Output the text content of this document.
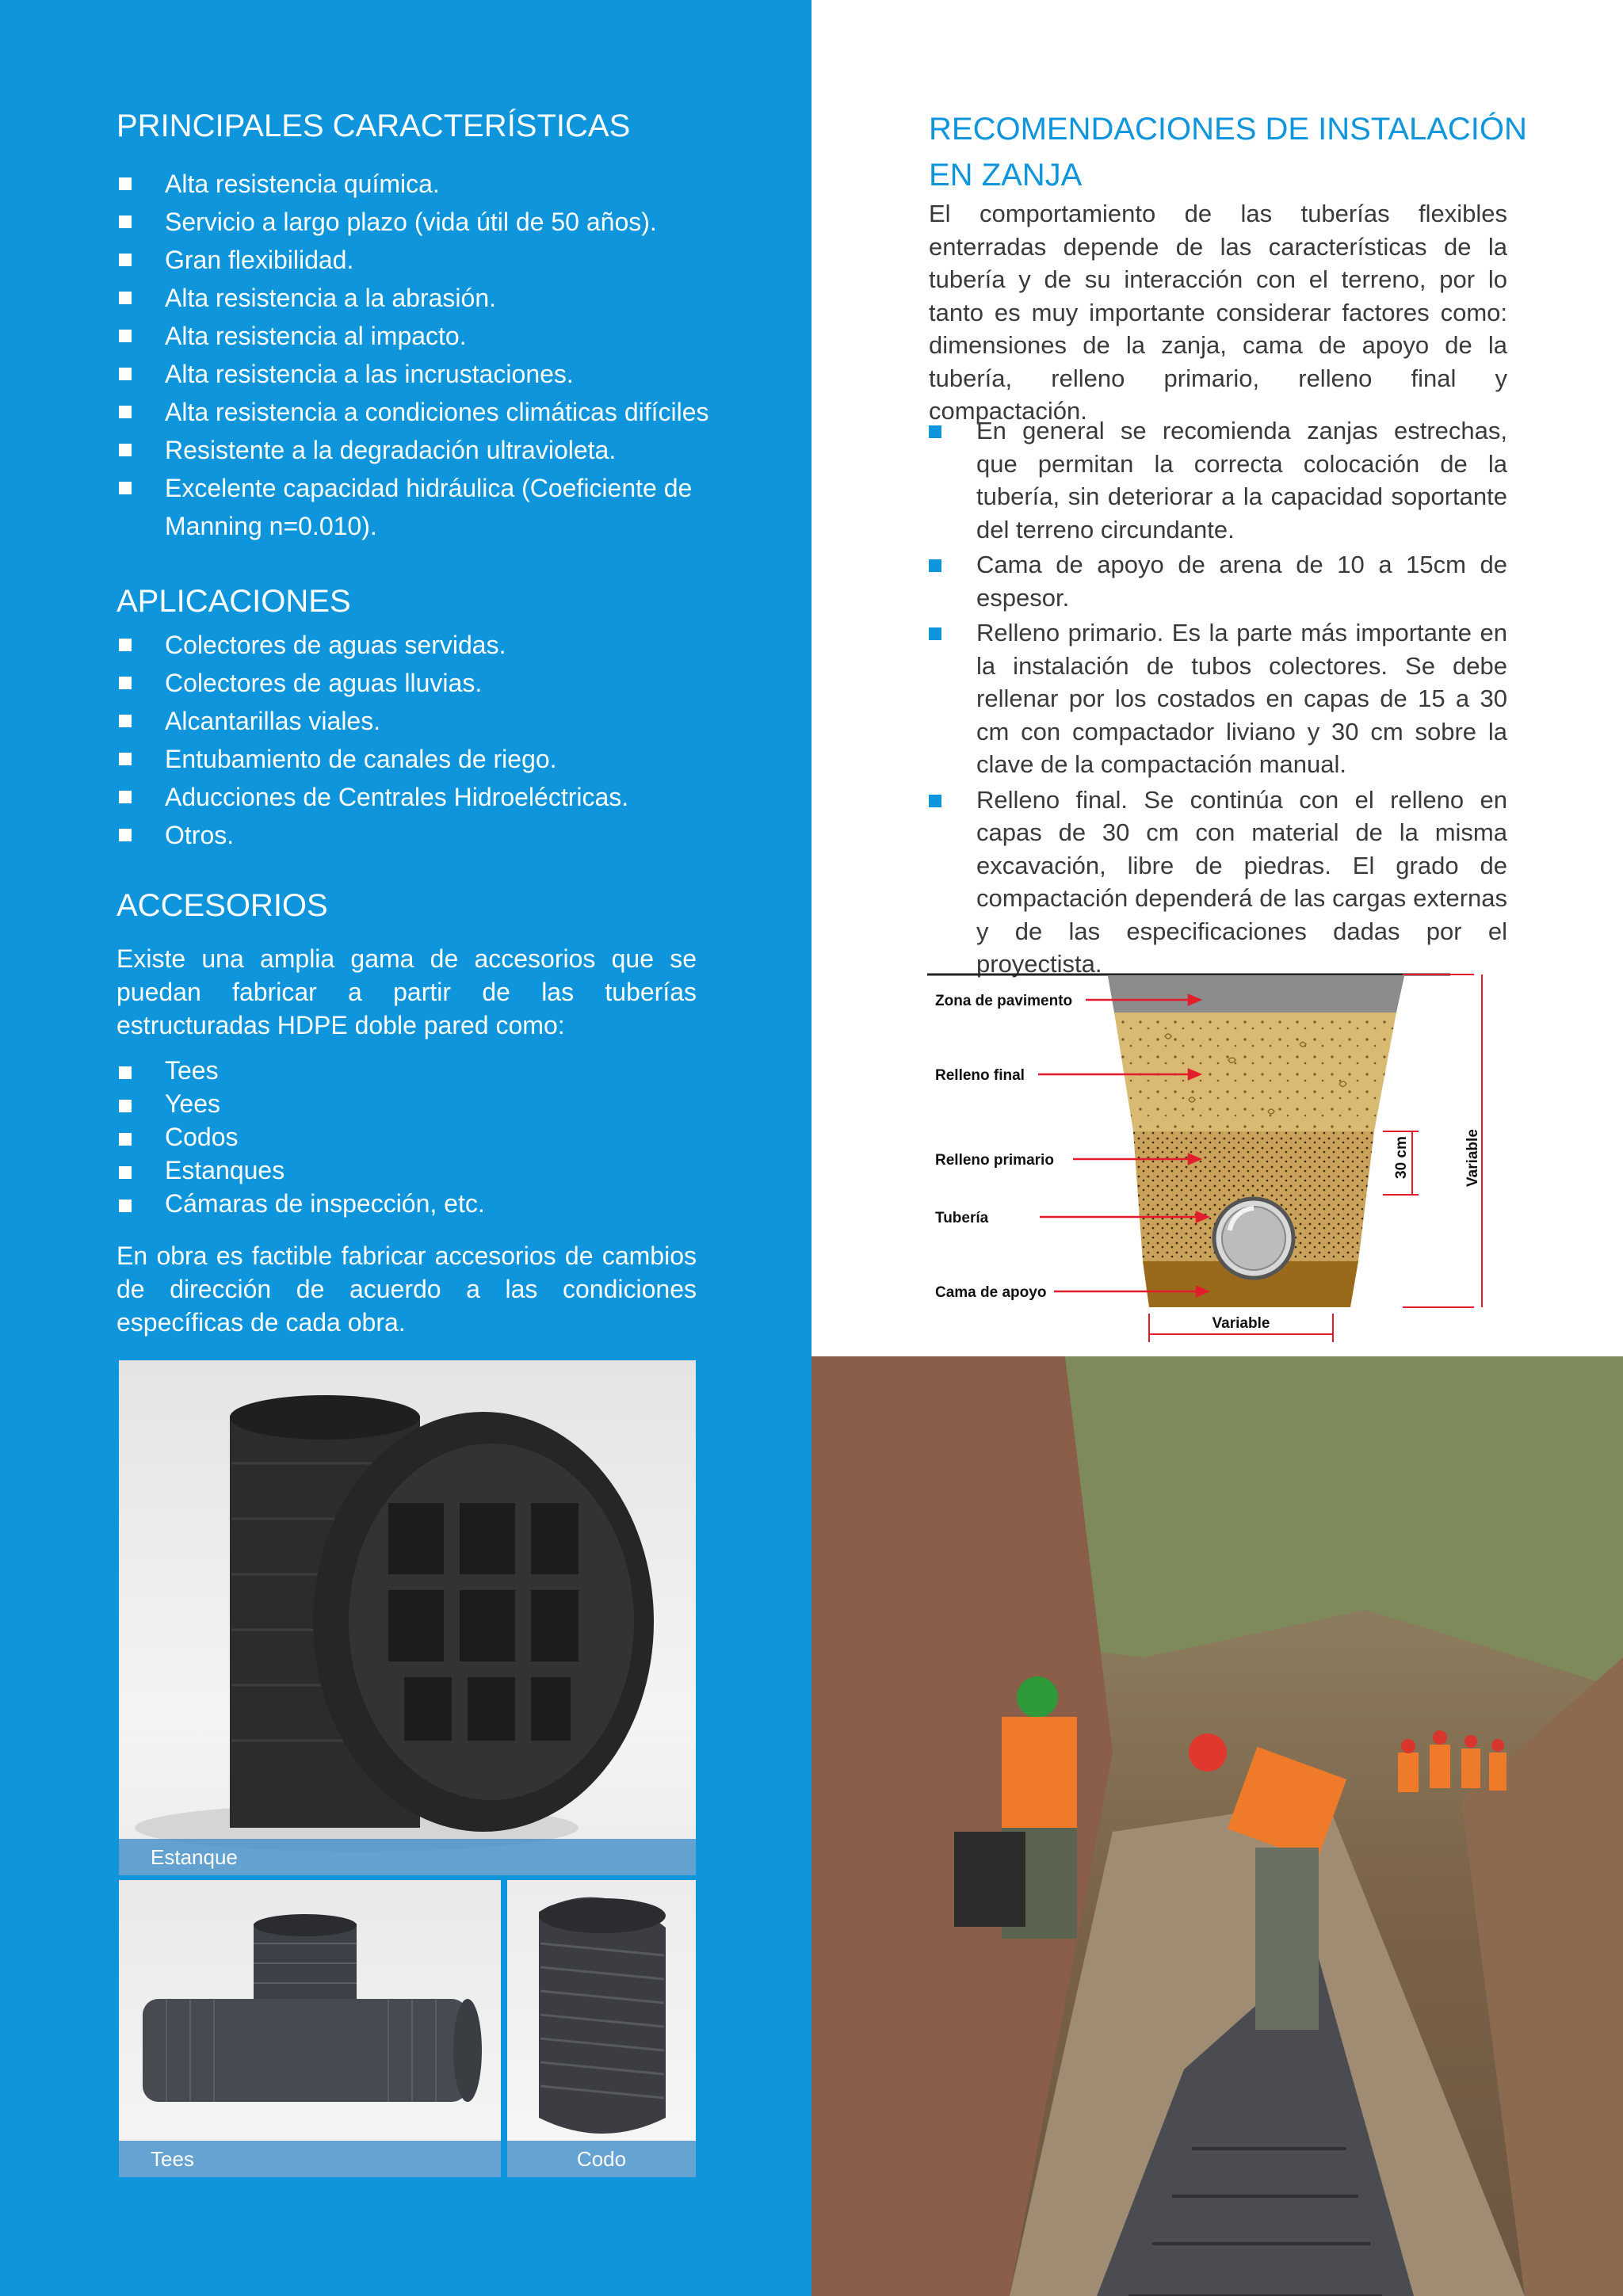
PRINCIPALES CARACTERÍSTICAS
Alta resistencia química.
Servicio a largo plazo (vida útil de 50 años).
Gran flexibilidad.
Alta resistencia a la abrasión.
Alta resistencia al impacto.
Alta resistencia a las incrustaciones.
Alta resistencia a condiciones climáticas difíciles
Resistente a la degradación ultravioleta.
Excelente capacidad hidráulica (Coeficiente de Manning n=0.010).
APLICACIONES
Colectores de aguas servidas.
Colectores de aguas lluvias.
Alcantarillas viales.
Entubamiento de canales de riego.
Aducciones de Centrales Hidroeléctricas.
Otros.
ACCESORIOS
Existe una amplia gama de accesorios que se puedan fabricar a partir de las tuberías estructuradas HDPE doble pared como:
Tees
Yees
Codos
Estanques
Cámaras de inspección, etc.
En obra es factible fabricar accesorios de cambios de dirección de acuerdo a las condiciones específicas de cada obra.
Estanque
Tees	Codo
RECOMENDACIONES DE INSTALACIÓN EN ZANJA
El comportamiento de las tuberías flexibles enterradas depende de las características de la tubería y de su interacción con el terreno, por lo tanto es muy importante considerar factores como: dimensiones de la zanja, cama de apoyo de la tubería, relleno primario, relleno final y compactación.
En general se recomienda zanjas estrechas, que permitan la correcta colocación de la tubería, sin deteriorar a la capacidad soportante del terreno circundante.
Cama de apoyo de arena de 10 a 15cm de espesor.
Relleno primario. Es la parte más importante en la instalación de tubos colectores. Se debe rellenar por los costados en capas de 15 a 30 cm con compactador liviano y 30 cm sobre la clave de la compactación manual.
Relleno final. Se continúa con el relleno en capas de 30 cm con material de la misma excavación, libre de piedras. El grado de compactación dependerá de las cargas externas y de las especificaciones dadas por el proyectista.
Zona de pavimento
Relleno final
Relleno primario
Tubería
Cama de apoyo
30 cm	Variable
Variable
